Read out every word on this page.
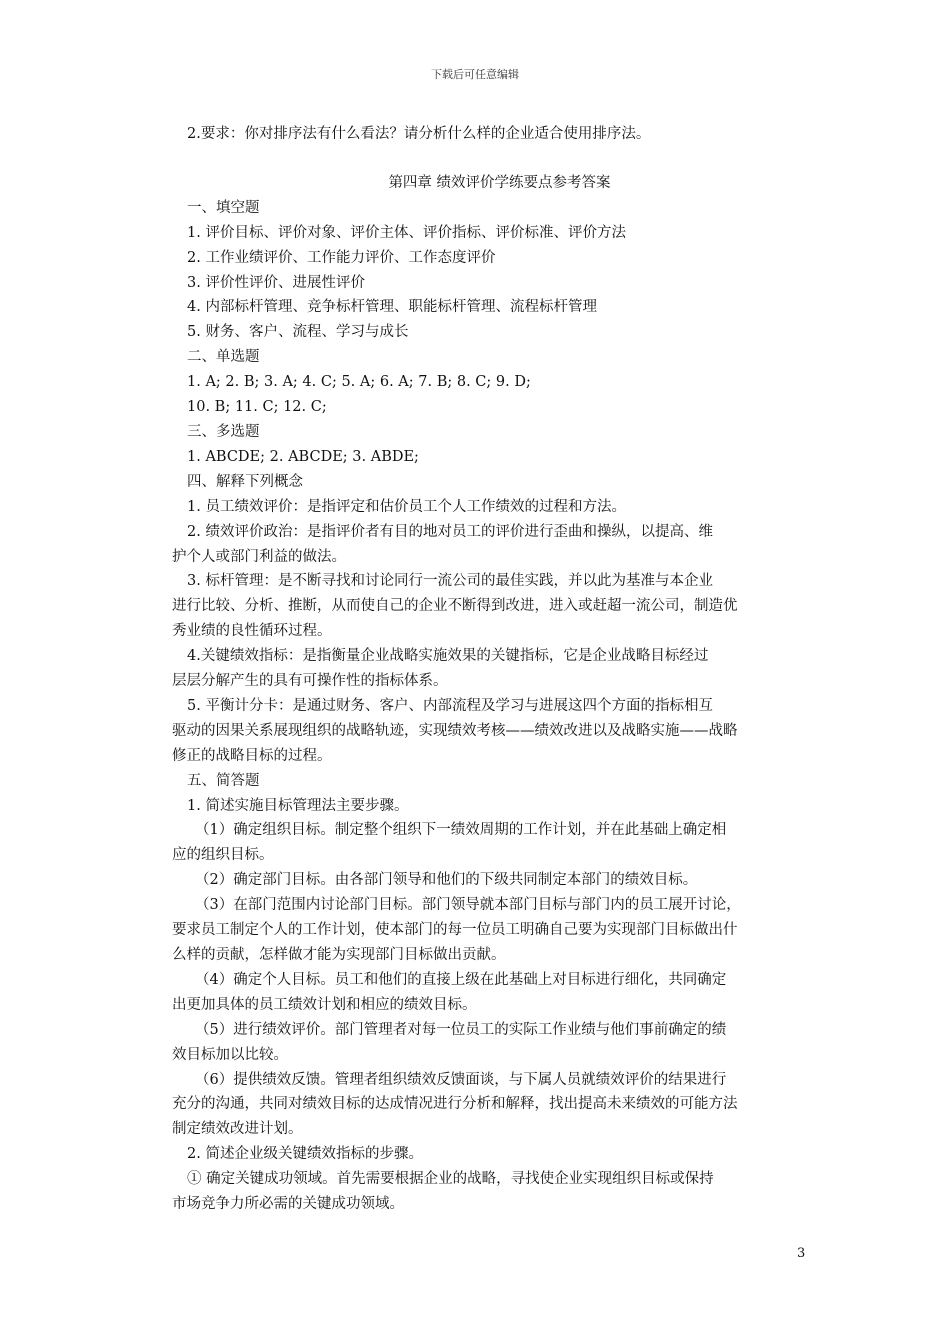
下载后可任意编辑
2.要求：你对排序法有什么看法？请分析什么样的企业适合使用排序法。
第四章 绩效评价学练要点参考答案
一、填空题
1. 评价目标、评价对象、评价主体、评价指标、评价标准、评价方法
2. 工作业绩评价、工作能力评价、工作态度评价
3. 评价性评价、进展性评价
4. 内部标杆管理、竞争标杆管理、职能标杆管理、流程标杆管理
5. 财务、客户、流程、学习与成长
二、单选题
1. A; 2. B; 3. A; 4. C; 5. A; 6. A; 7. B; 8. C; 9. D;
10. B; 11. C; 12. C;
三、多选题
1. ABCDE; 2. ABCDE; 3. ABDE;
四、解释下列概念
1. 员工绩效评价：是指评定和估价员工个人工作绩效的过程和方法。
2. 绩效评价政治：是指评价者有目的地对员工的评价进行歪曲和操纵，以提高、维
护个人或部门利益的做法。
3. 标杆管理：是不断寻找和讨论同行一流公司的最佳实践，并以此为基准与本企业
进行比较、分析、推断，从而使自己的企业不断得到改进，进入或赶超一流公司，制造优
秀业绩的良性循环过程。
4.关键绩效指标：是指衡量企业战略实施效果的关键指标，它是企业战略目标经过
层层分解产生的具有可操作性的指标体系。
5. 平衡计分卡：是通过财务、客户、内部流程及学习与进展这四个方面的指标相互
驱动的因果关系展现组织的战略轨迹，实现绩效考核——绩效改进以及战略实施——战略
修正的战略目标的过程。
五、简答题
1. 简述实施目标管理法主要步骤。
（1）确定组织目标。制定整个组织下一绩效周期的工作计划，并在此基础上确定相
应的组织目标。
（2）确定部门目标。由各部门领导和他们的下级共同制定本部门的绩效目标。
（3）在部门范围内讨论部门目标。部门领导就本部门目标与部门内的员工展开讨论，
要求员工制定个人的工作计划，使本部门的每一位员工明确自己要为实现部门目标做出什
么样的贡献，怎样做才能为实现部门目标做出贡献。
（4）确定个人目标。员工和他们的直接上级在此基础上对目标进行细化，共同确定
出更加具体的员工绩效计划和相应的绩效目标。
（5）进行绩效评价。部门管理者对每一位员工的实际工作业绩与他们事前确定的绩
效目标加以比较。
（6）提供绩效反馈。管理者组织绩效反馈面谈，与下属人员就绩效评价的结果进行
充分的沟通，共同对绩效目标的达成情况进行分析和解释，找出提高未来绩效的可能方法
制定绩效改进计划。
2. 简述企业级关键绩效指标的步骤。
① 确定关键成功领域。首先需要根据企业的战略，寻找使企业实现组织目标或保持
市场竞争力所必需的关键成功领域。
3
